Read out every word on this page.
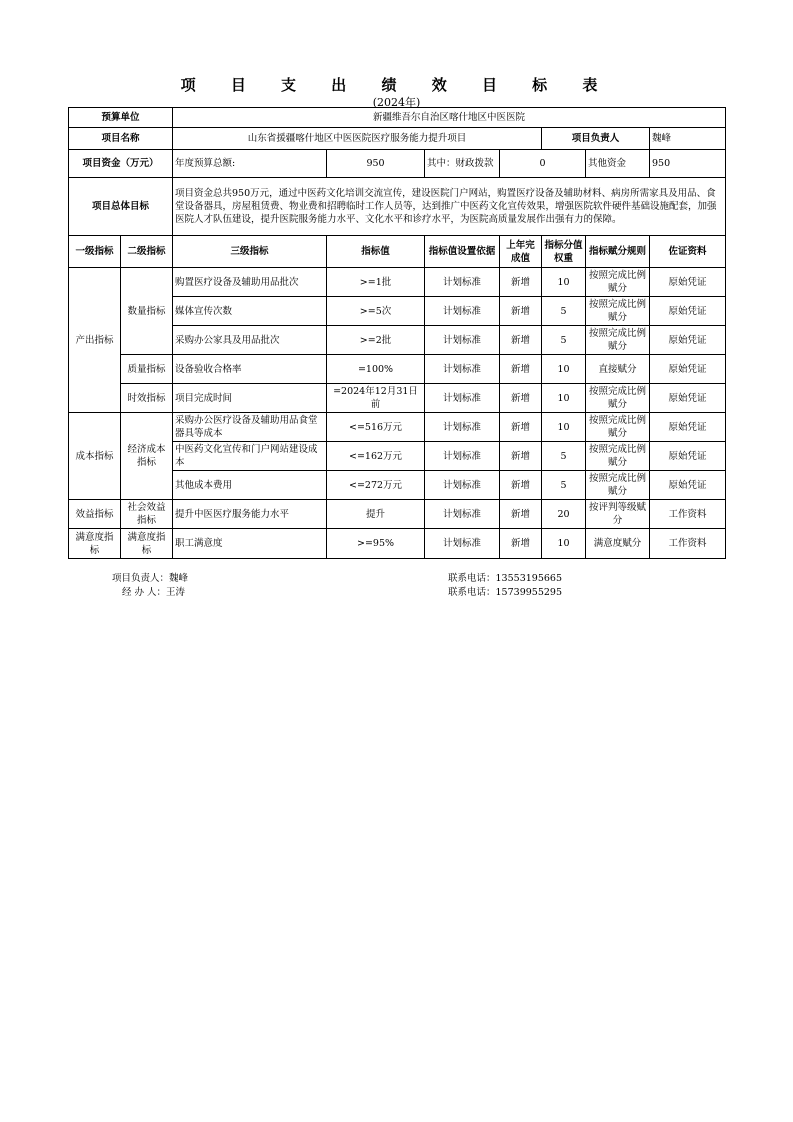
项 目 支 出 绩 效 目 标 表
(2024年)
预算单位		新疆维吾尔自治区喀什地区中医医院						
项目名称		山东省援疆喀什地区中医医院医疗服务能力提升项目				项目负责人		魏峰
项目资金（万元）		年度预算总额:	950	其中：财政拨款	0		其他资金	950
项目总体目标		项目资金总共950万元，通过中医药文化培训交流宣传，建设医院门户网站，购置医疗设备及辅助材料、病房所需家具及用品、食堂设备器具，房屋租赁费、物业费和招聘临时工作人员等，达到推广中医药文化宣传效果，增强医院软件硬件基础设施配套，加强医院人才队伍建设，提升医院服务能力水平、文化水平和诊疗水平，为医院高质量发展作出强有力的保障。						
一级指标	二级指标	三级指标	指标值	指标值设置依据	上年完成值	指标分值权重	指标赋分规则	佐证资料
产出指标	数量指标	购置医疗设备及辅助用品批次	>=1批	计划标准	新增	10	按照完成比例赋分	原始凭证
		媒体宣传次数	>=5次	计划标准	新增	5	按照完成比例赋分	原始凭证
		采购办公家具及用品批次	>=2批	计划标准	新增	5	按照完成比例赋分	原始凭证
	质量指标	设备验收合格率	=100%	计划标准	新增	10	直接赋分	原始凭证
	时效指标	项目完成时间	=2024年12月31日前	计划标准	新增	10	按照完成比例赋分	原始凭证
成本指标	经济成本指标	采购办公医疗设备及辅助用品食堂器具等成本	<=516万元	计划标准	新增	10	按照完成比例赋分	原始凭证
		中医药文化宣传和门户网站建设成本	<=162万元	计划标准	新增	5	按照完成比例赋分	原始凭证
		其他成本费用	<=272万元	计划标准	新增	5	按照完成比例赋分	原始凭证
效益指标	社会效益指标	提升中医医疗服务能力水平	提升	计划标准	新增	20	按评判等级赋分	工作资料
满意度指标	满意度指标	职工满意度	>=95%	计划标准	新增	10	满意度赋分	工作资料
项目负责人：魏峰
经 办 人：王涛
联系电话：13553195665
联系电话：15739955295
